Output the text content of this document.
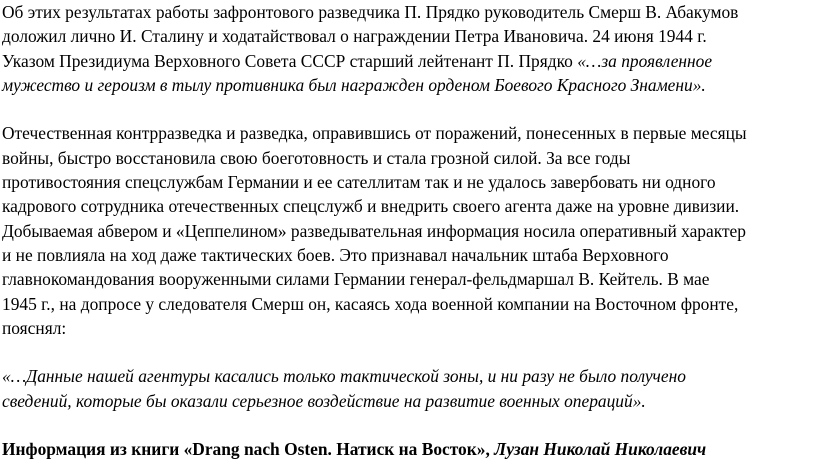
Об этих результатах работы зафронтового разведчика П. Прядко руководитель Смерш В. Абакумов
доложил лично И. Сталину и ходатайствовал о награждении Петра Ивановича. 24 июня 1944 г.
Указом Президиума Верховного Совета СССР старший лейтенант П. Прядко «…за проявленное
мужество и героизм в тылу противника был награжден орденом Боевого Красного Знамени».
Отечественная контрразведка и разведка, оправившись от поражений, понесенных в первые месяцы
войны, быстро восстановила свою боеготовность и стала грозной силой. За все годы
противостояния спецслужбам Германии и ее сателлитам так и не удалось завербовать ни одного
кадрового сотрудника отечественных спецслужб и внедрить своего агента даже на уровне дивизии.
Добываемая абвером и «Цеппелином» разведывательная информация носила оперативный характер
и не повлияла на ход даже тактических боев. Это признавал начальник штаба Верховного
главнокомандования вооруженными силами Германии генерал-фельдмаршал В. Кейтель. В мае
1945 г., на допросе у следователя Смерш он, касаясь хода военной компании на Восточном фронте,
пояснял:
«…Данные нашей агентуры касались только тактической зоны, и ни разу не было получено
сведений, которые бы оказали серьезное воздействие на развитие военных операций».
Информация из книги «Drang nach Osten. Натиск на Восток», Лузан Николай Николаевич
